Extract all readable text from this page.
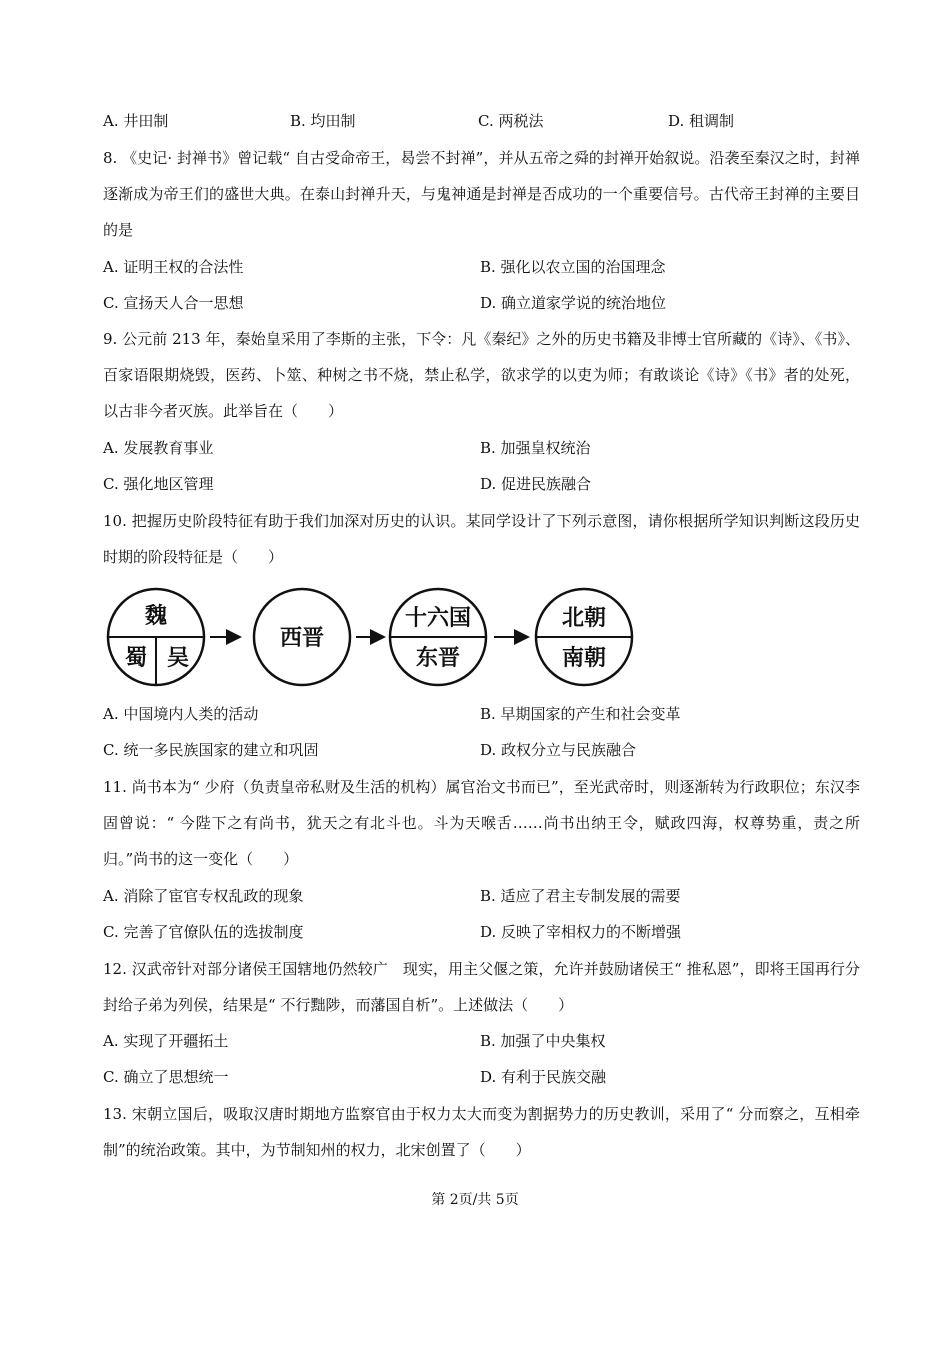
A. 井田制	B. 均田制	C. 两税法	D. 租调制
8. 《史记· 封禅书》曾记载“ 自古受命帝王，曷尝不封禅”，并从五帝之舜的封禅开始叙说。沿袭至秦汉之时，封禅逐渐成为帝王们的盛世大典。在泰山封禅升天，与鬼神通是封禅是否成功的一个重要信号。古代帝王封禅的主要目的是
A. 证明王权的合法性	B. 强化以农立国的治国理念
C. 宣扬天人合一思想	D. 确立道家学说的统治地位
9. 公元前 213 年，秦始皇采用了李斯的主张，下令：凡《秦纪》之外的历史书籍及非博士官所藏的《诗》、《书》、百家语限期烧毁，医药、卜筮、种树之书不烧，禁止私学，欲求学的以吏为师；有敢谈论《诗》《书》者的处死，以古非今者灭族。此举旨在（　　）
A. 发展教育事业	B. 加强皇权统治
C. 强化地区管理	D. 促进民族融合
10. 把握历史阶段特征有助于我们加深对历史的认识。某同学设计了下列示意图，请你根据所学知识判断这段历史时期的阶段特征是（　　）
魏
蜀 吴
西晋
十六国
东晋
北朝
南朝
A. 中国境内人类的活动	B. 早期国家的产生和社会变革
C. 统一多民族国家的建立和巩固	D. 政权分立与民族融合
11. 尚书本为“ 少府（负责皇帝私财及生活的机构）属官治文书而已”，至光武帝时，则逐渐转为行政职位；东汉李固曾说：“ 今陛下之有尚书，犹天之有北斗也。斗为天喉舌……尚书出纳王令，赋政四海，权尊势重，责之所归。”尚书的这一变化（　　）
A. 消除了宦官专权乱政的现象	B. 适应了君主专制发展的需要
C. 完善了官僚队伍的选拔制度	D. 反映了宰相权力的不断增强
12. 汉武帝针对部分诸侯王国辖地仍然较广　现实，用主父偃之策，允许并鼓励诸侯王“ 推私恩”，即将王国再行分封给子弟为列侯，结果是“ 不行黜陟，而藩国自析”。上述做法（　　）
A. 实现了开疆拓土	B. 加强了中央集权
C. 确立了思想统一	D. 有利于民族交融
13. 宋朝立国后，吸取汉唐时期地方监察官由于权力太大而变为割据势力的历史教训，采用了“ 分而察之，互相牵制”的统治政策。其中，为节制知州的权力，北宋创置了（　　）
第 2页/共 5页
